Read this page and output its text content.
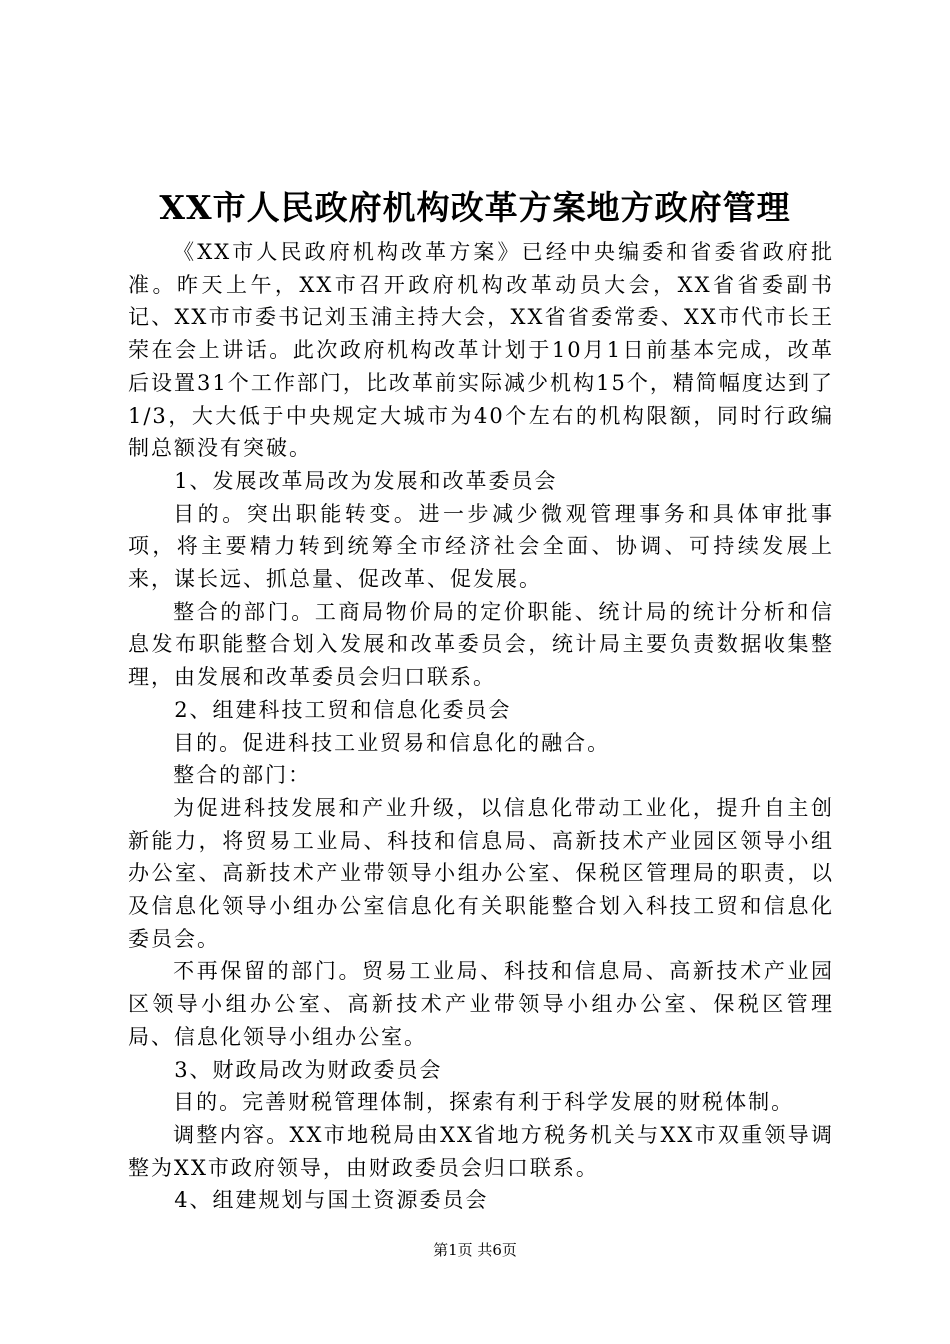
XX市人民政府机构改革方案地方政府管理

《XX市人民政府机构改革方案》已经中央编委和省委省政府批准。昨天上午，XX市召开政府机构改革动员大会，XX省省委副书记、XX市市委书记刘玉浦主持大会，XX省省委常委、XX市代市长王荣在会上讲话。此次政府机构改革计划于10月1日前基本完成，改革后设置31个工作部门，比改革前实际减少机构15个，精简幅度达到了1/3，大大低于中央规定大城市为40个左右的机构限额，同时行政编制总额没有突破。

1、发展改革局改为发展和改革委员会

目的。突出职能转变。进一步减少微观管理事务和具体审批事项，将主要精力转到统筹全市经济社会全面、协调、可持续发展上来，谋长远、抓总量、促改革、促发展。

整合的部门。工商局物价局的定价职能、统计局的统计分析和信息发布职能整合划入发展和改革委员会，统计局主要负责数据收集整理，由发展和改革委员会归口联系。

2、组建科技工贸和信息化委员会

目的。促进科技工业贸易和信息化的融合。

整合的部门：

为促进科技发展和产业升级，以信息化带动工业化，提升自主创新能力，将贸易工业局、科技和信息局、高新技术产业园区领导小组办公室、高新技术产业带领导小组办公室、保税区管理局的职责，以及信息化领导小组办公室信息化有关职能整合划入科技工贸和信息化委员会。

不再保留的部门。贸易工业局、科技和信息局、高新技术产业园区领导小组办公室、高新技术产业带领导小组办公室、保税区管理局、信息化领导小组办公室。

3、财政局改为财政委员会

目的。完善财税管理体制，探索有利于科学发展的财税体制。

调整内容。XX市地税局由XX省地方税务机关与XX市双重领导调整为XX市政府领导，由财政委员会归口联系。

4、组建规划与国土资源委员会

第1页 共6页
